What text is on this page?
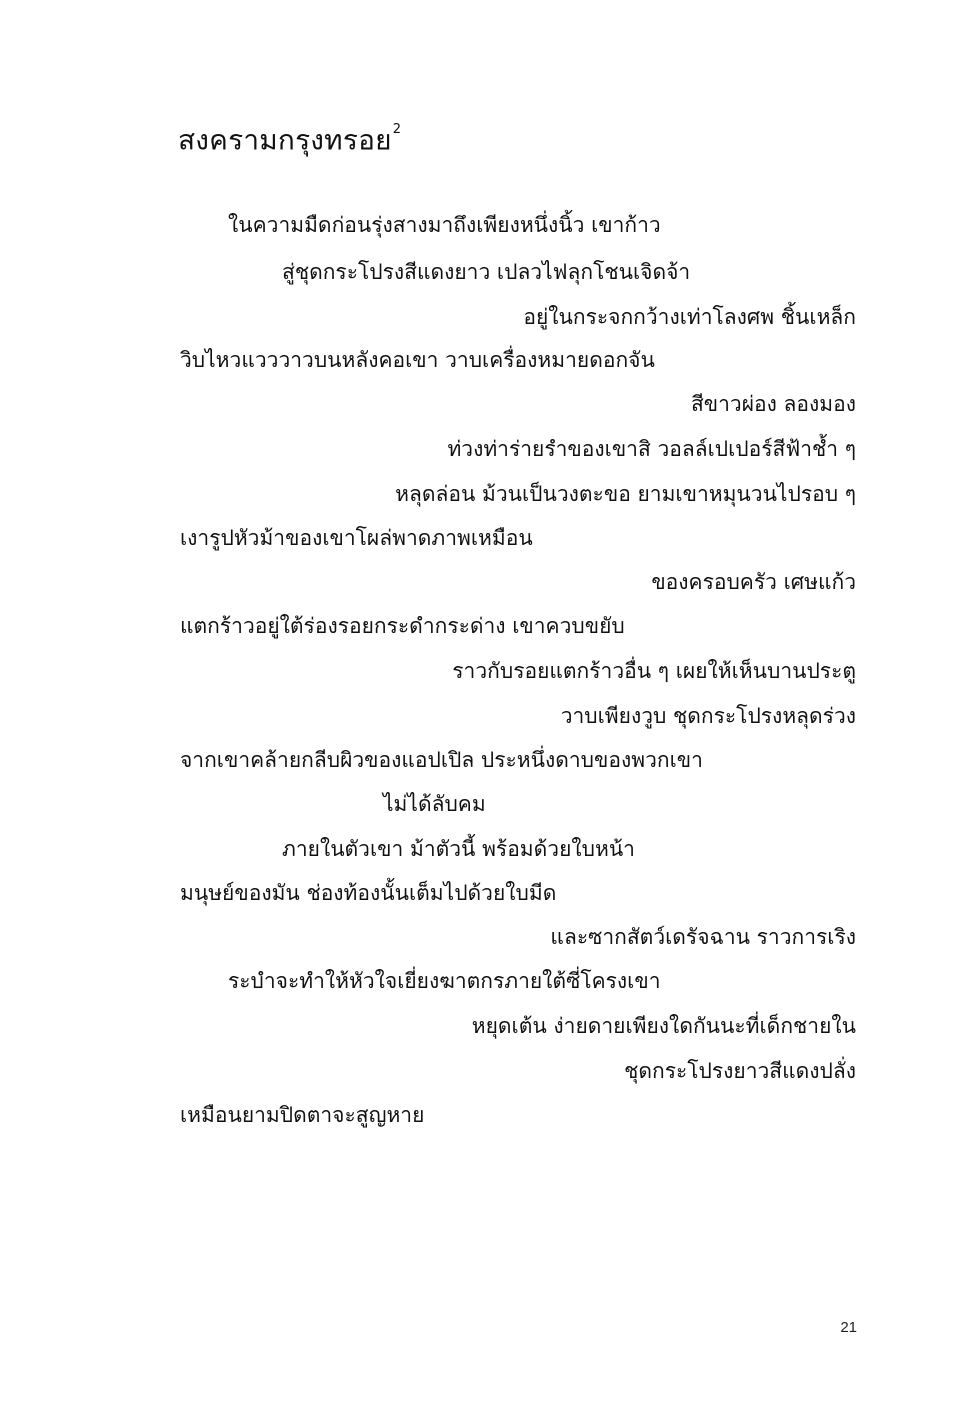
สงครามกรุงทรอย$^2$
ในความมืดก่อนรุ่งสางมาถึงเพียงหนึ่งนิ้ว เขาก้าว
สู่ชุดกระโปรงสีแดงยาว เปลวไฟลุกโชนเจิดจ้า
อยู่ในกระจกกว้างเท่าโลงศพ ชิ้นเหล็ก
วิบไหวแวววาวบนหลังคอเขา วาบเครื่องหมายดอกจัน
สีขาวผ่อง ลองมอง
ท่วงท่าร่ายรำของเขาสิ วอลล์เปเปอร์สีฟ้าช้ำ ๆ
หลุดล่อน ม้วนเป็นวงตะขอ ยามเขาหมุนวนไปรอบ ๆ
เงารูปหัวม้าของเขาโผล่พาดภาพเหมือน
ของครอบครัว เศษแก้ว
แตกร้าวอยู่ใต้ร่องรอยกระดำกระด่าง เขาควบขยับ
ราวกับรอยแตกร้าวอื่น ๆ เผยให้เห็นบานประตู
วาบเพียงวูบ ชุดกระโปรงหลุดร่วง
จากเขาคล้ายกลีบผิวของแอปเปิล ประหนึ่งดาบของพวกเขา
ไม่ได้ลับคม
ภายในตัวเขา ม้าตัวนี้ พร้อมด้วยใบหน้า
มนุษย์ของมัน ช่องท้องนั้นเต็มไปด้วยใบมีด
และซากสัตว์เดรัจฉาน ราวการเริง
ระบำจะทำให้หัวใจเยี่ยงฆาตกรภายใต้ซี่โครงเขา
หยุดเต้น ง่ายดายเพียงใดกันนะที่เด็กชายใน
ชุดกระโปรงยาวสีแดงปลั่ง
เหมือนยามปิดตาจะสูญหาย
21
